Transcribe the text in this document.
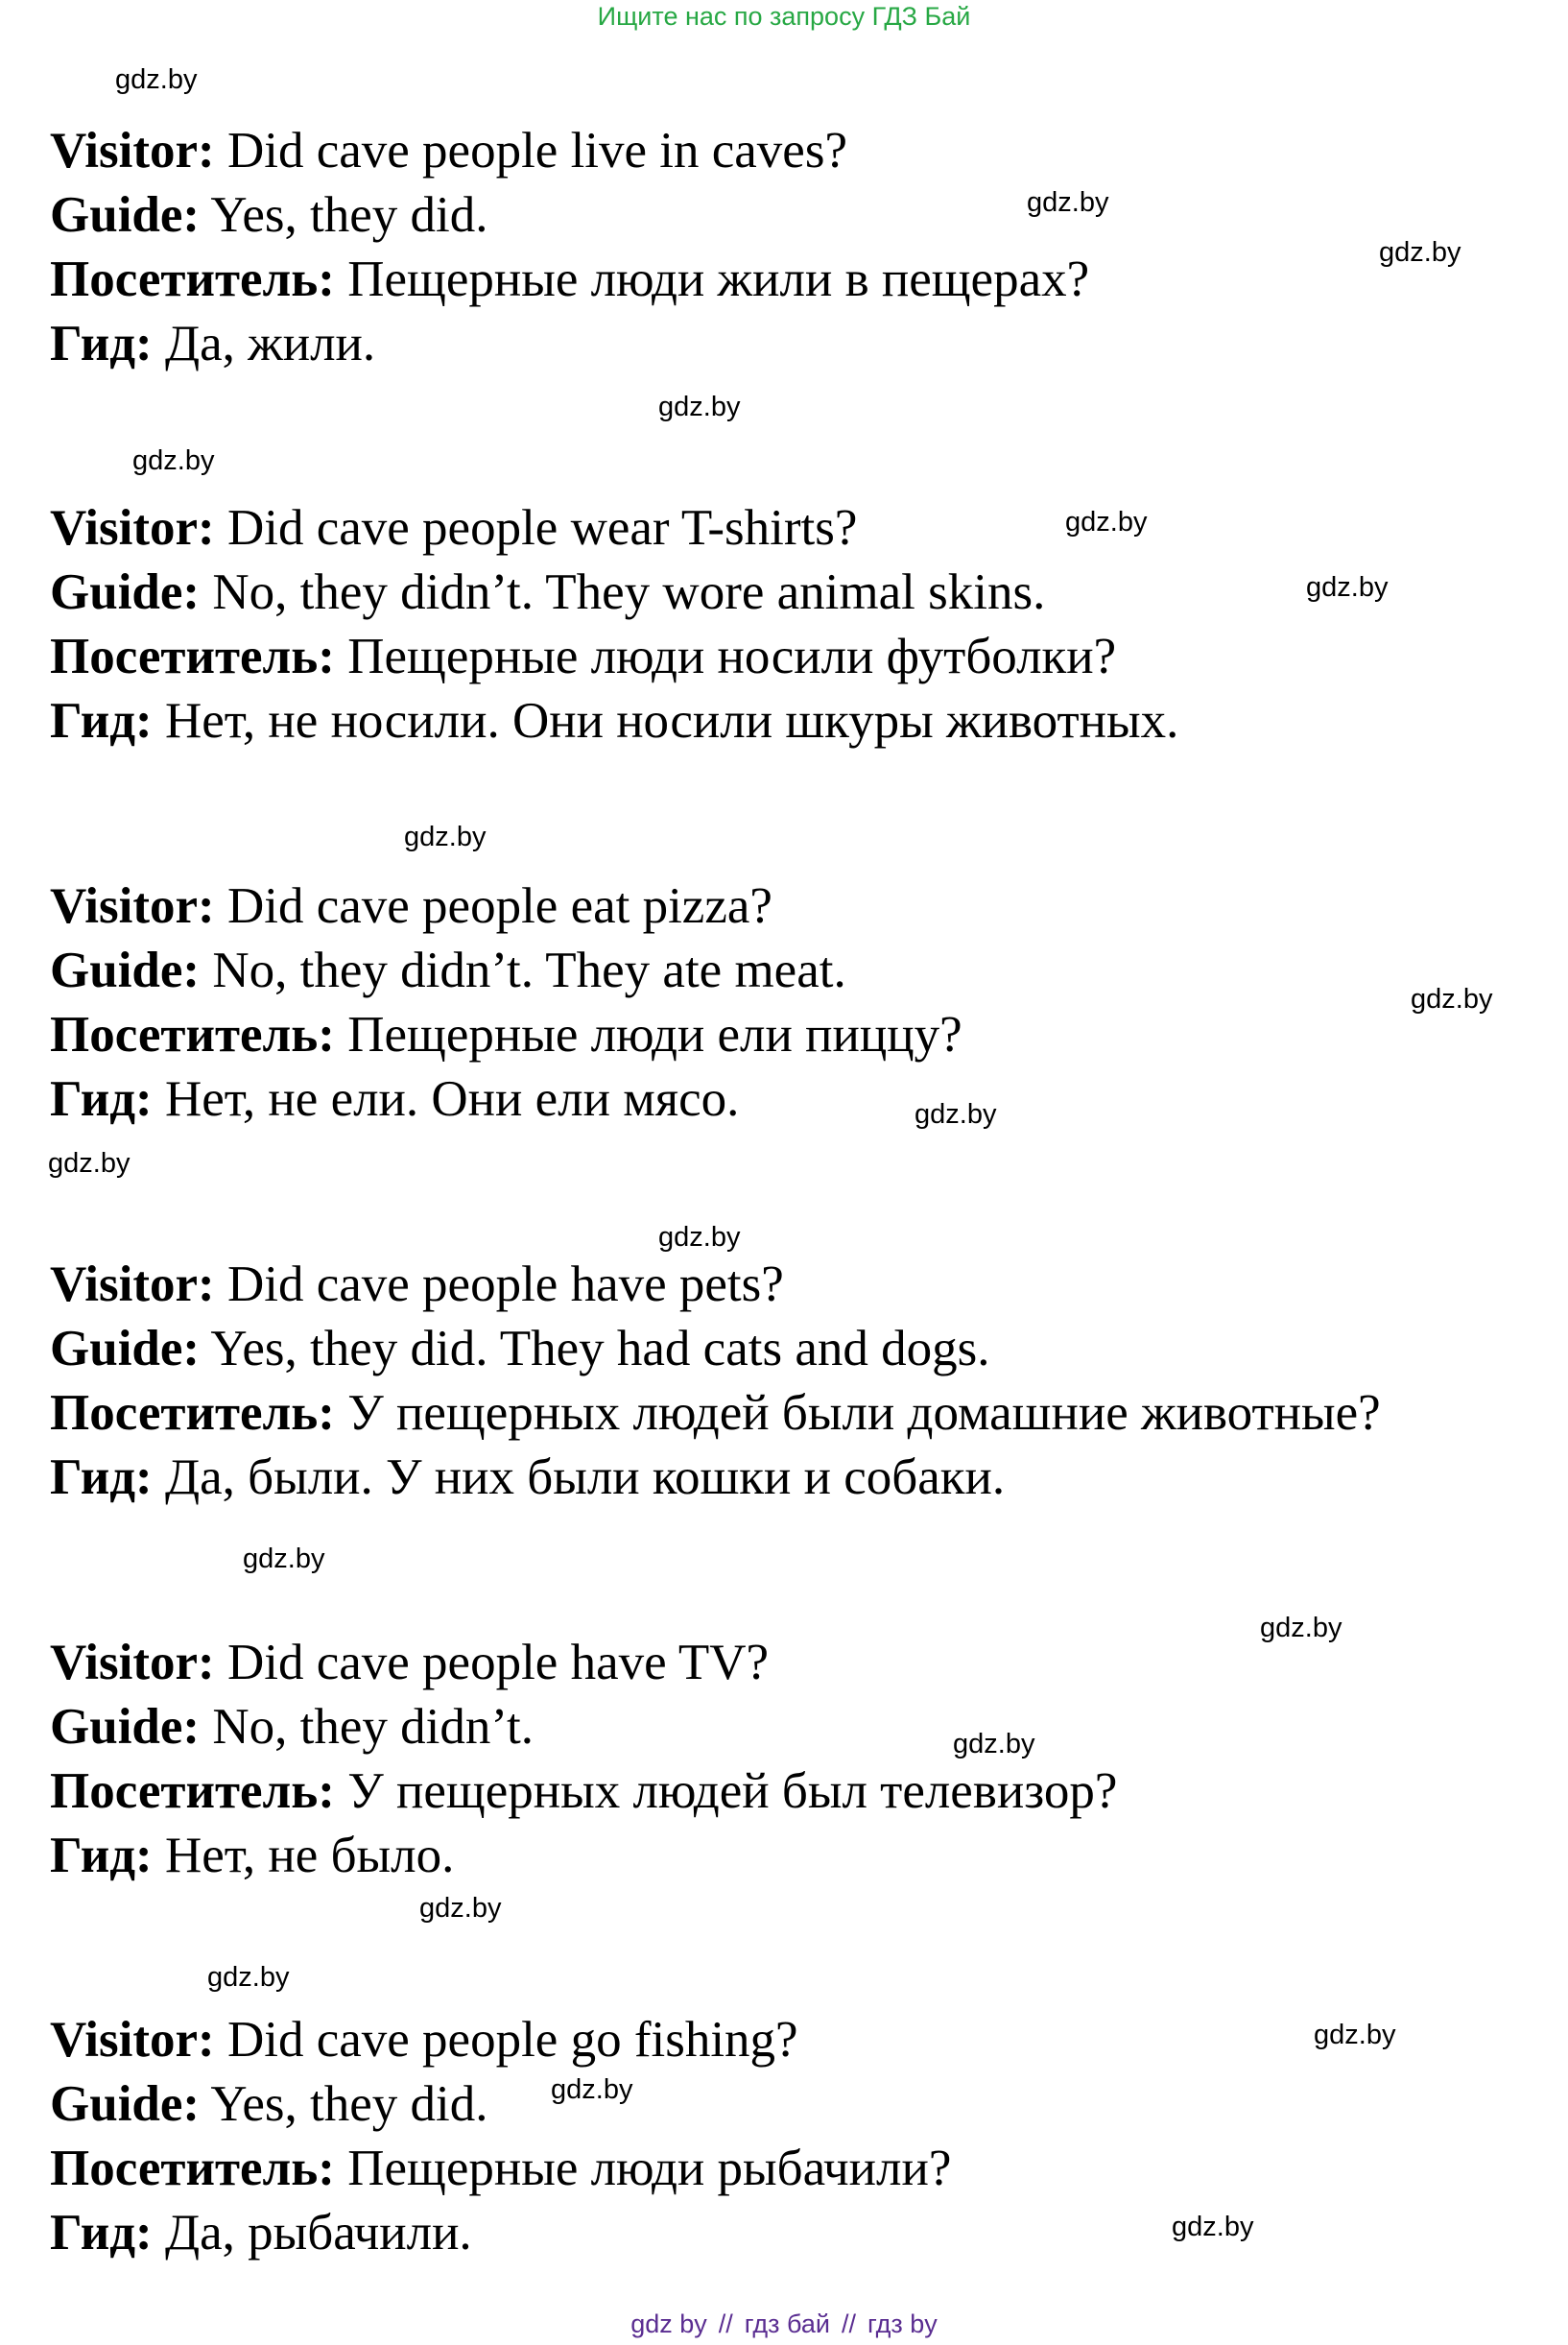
Ищите нас по запросу ГДЗ Бай
gdz.by
gdz.by
gdz.by
gdz.by
gdz.by
gdz.by
gdz.by
gdz.by
gdz.by
gdz.by
gdz.by
gdz.by
gdz.by
gdz.by
gdz.by
gdz.by
gdz.by
gdz.by
gdz.by
gdz.by
Visitor: Did cave people live in caves?
Guide: Yes, they did.
Посетитель: Пещерные люди жили в пещерах?
Гид: Да, жили.
Visitor: Did cave people wear T-shirts?
Guide: No, they didn’t. They wore animal skins.
Посетитель: Пещерные люди носили футболки?
Гид: Нет, не носили. Они носили шкуры животных.
Visitor: Did cave people eat pizza?
Guide: No, they didn’t. They ate meat.
Посетитель: Пещерные люди ели пиццу?
Гид: Нет, не ели. Они ели мясо.
Visitor: Did cave people have pets?
Guide: Yes, they did. They had cats and dogs.
Посетитель: У пещерных людей были домашние животные?
Гид: Да, были. У них были кошки и собаки.
Visitor: Did cave people have TV?
Guide: No, they didn’t.
Посетитель: У пещерных людей был телевизор?
Гид: Нет, не было.
Visitor: Did cave people go fishing?
Guide: Yes, they did.
Посетитель: Пещерные люди рыбачили?
Гид: Да, рыбачили.
gdz by // гдз бай // гдз by
